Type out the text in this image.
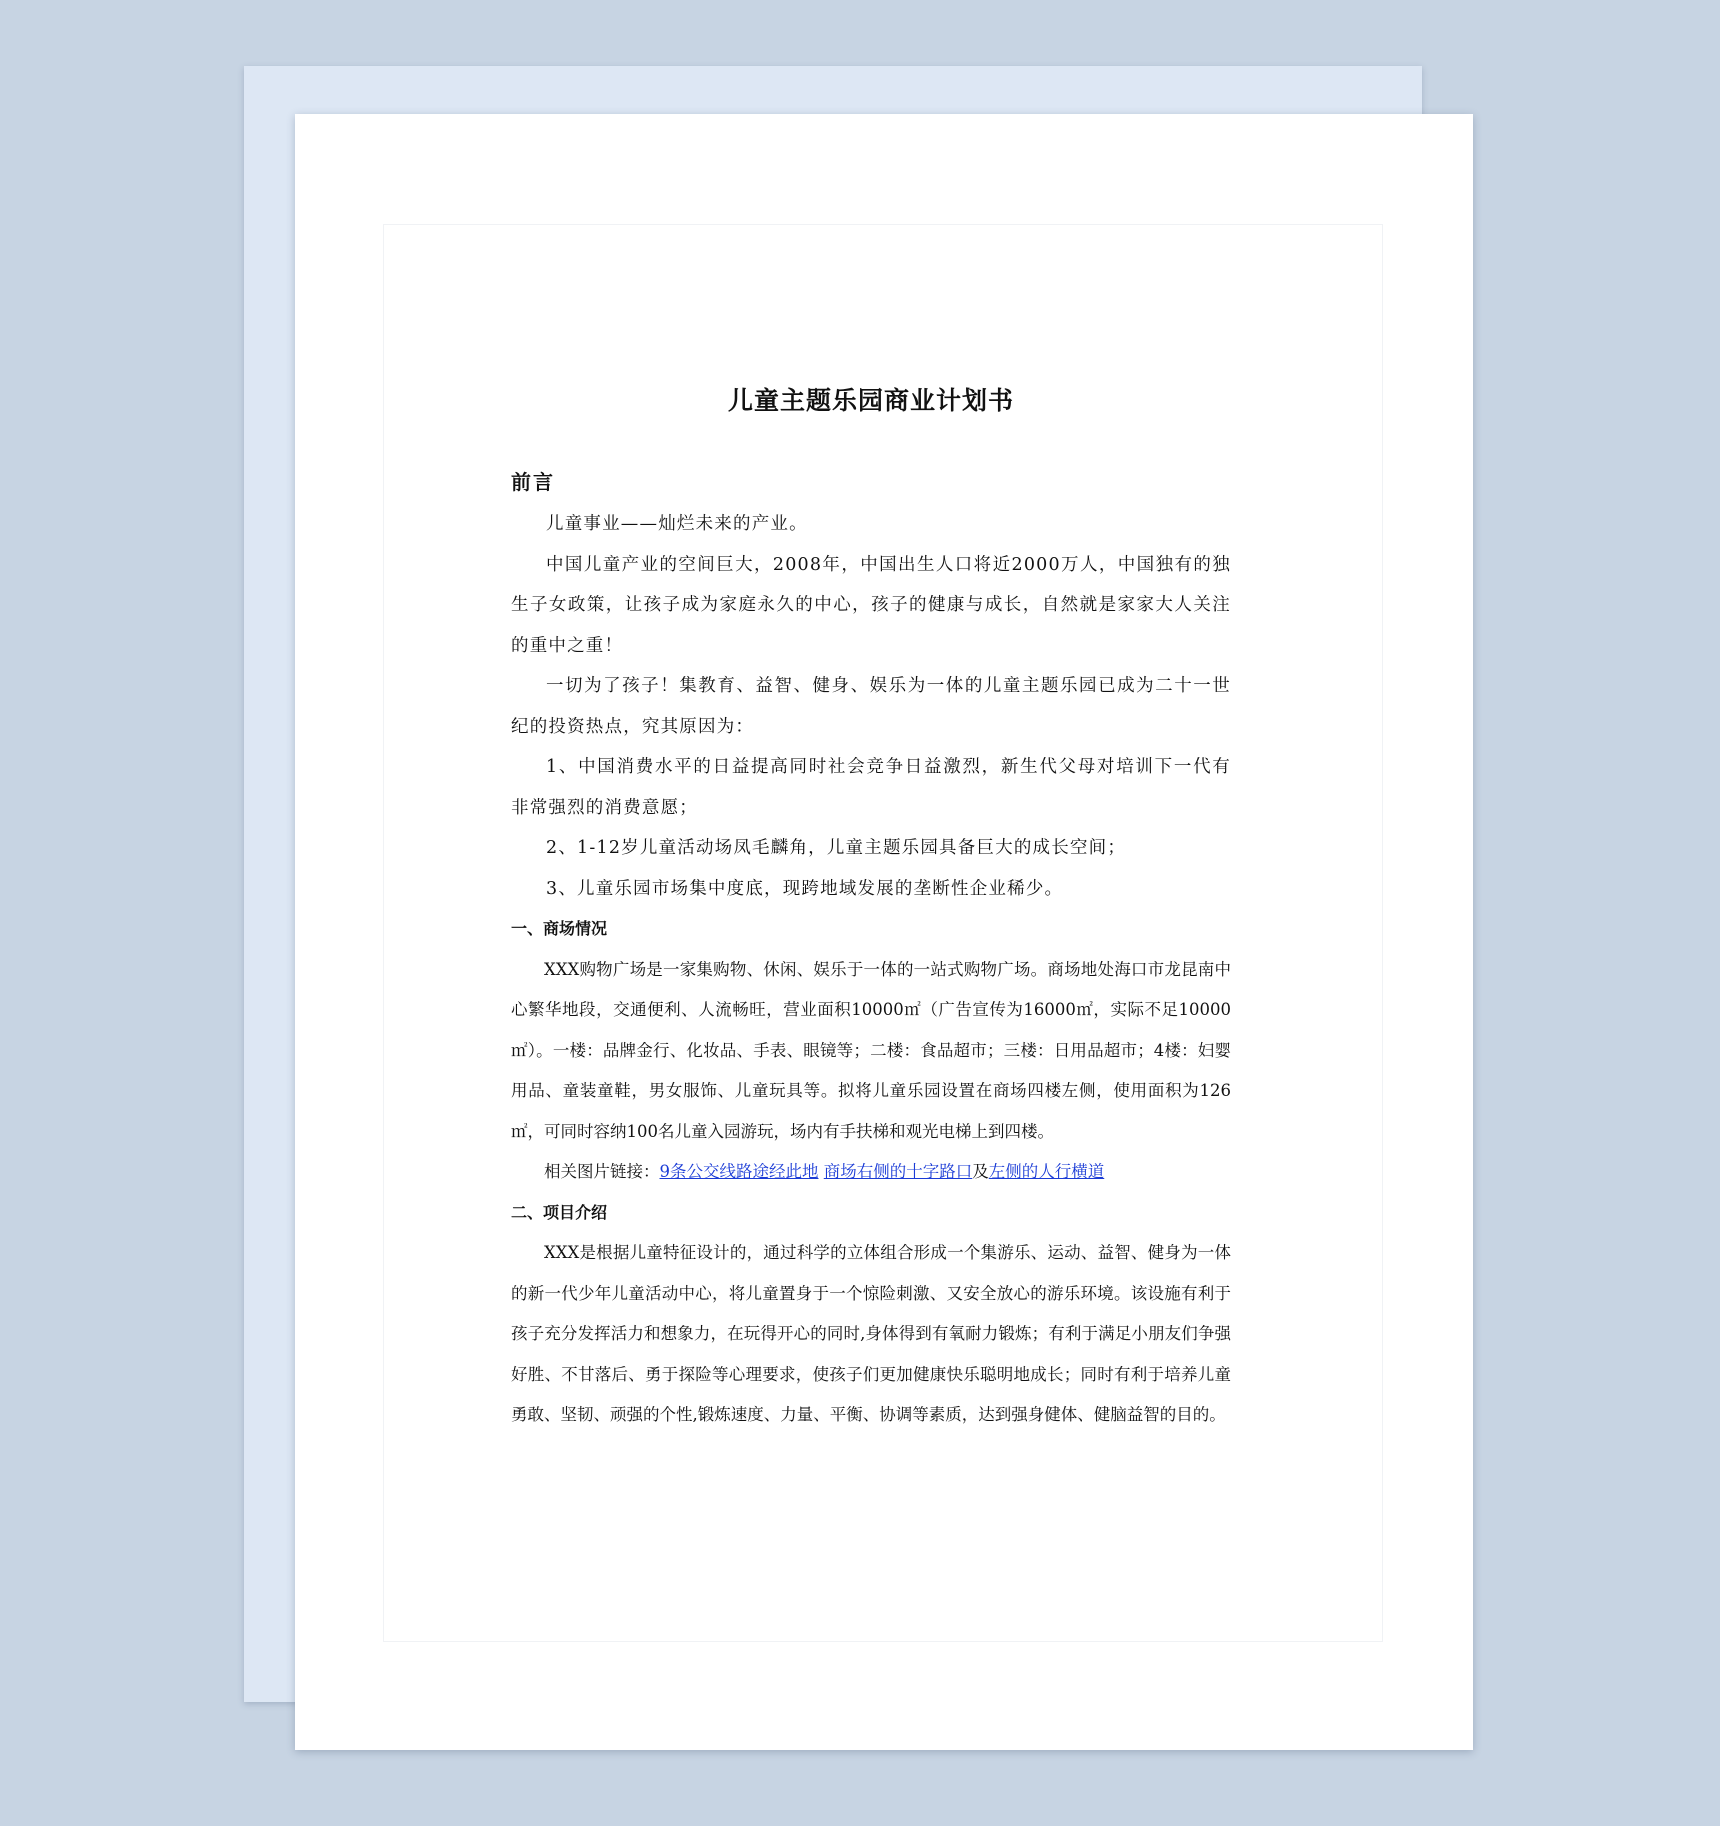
儿童主题乐园商业计划书
前言

儿童事业——灿烂未来的产业。

中国儿童产业的空间巨大，2008年，中国出生人口将近2000万人，中国独有的独生子女政策，让孩子成为家庭永久的中心，孩子的健康与成长，自然就是家家大人关注的重中之重！

一切为了孩子！集教育、益智、健身、娱乐为一体的儿童主题乐园已成为二十一世纪的投资热点，究其原因为：

1、中国消费水平的日益提高同时社会竞争日益激烈，新生代父母对培训下一代有非常强烈的消费意愿；

2、1-12岁儿童活动场凤毛麟角，儿童主题乐园具备巨大的成长空间；

3、儿童乐园市场集中度底，现跨地域发展的垄断性企业稀少。

一、商场情况

XXX购物广场是一家集购物、休闲、娱乐于一体的一站式购物广场。商场地处海口市龙昆南中心繁华地段，交通便利、人流畅旺，营业面积10000㎡（广告宣传为16000㎡，实际不足10000㎡）。一楼：品牌金行、化妆品、手表、眼镜等；二楼：食品超市；三楼：日用品超市；4楼：妇婴用品、童装童鞋，男女服饰、儿童玩具等。拟将儿童乐园设置在商场四楼左侧，使用面积为126㎡，可同时容纳100名儿童入园游玩，场内有手扶梯和观光电梯上到四楼。

相关图片链接：9条公交线路途经此地 商场右侧的十字路口及左侧的人行横道

二、项目介绍

XXX是根据儿童特征设计的，通过科学的立体组合形成一个集游乐、运动、益智、健身为一体的新一代少年儿童活动中心，将儿童置身于一个惊险刺激、又安全放心的游乐环境。该设施有利于孩子充分发挥活力和想象力，在玩得开心的同时,身体得到有氧耐力锻炼；有利于满足小朋友们争强好胜、不甘落后、勇于探险等心理要求，使孩子们更加健康快乐聪明地成长；同时有利于培养儿童勇敢、坚韧、顽强的个性,锻炼速度、力量、平衡、协调等素质，达到强身健体、健脑益智的目的。
